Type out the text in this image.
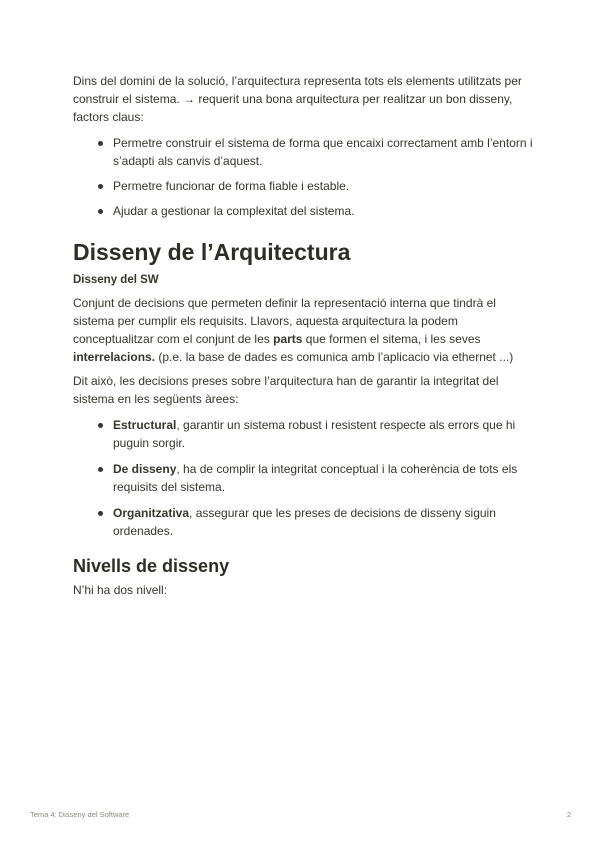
Dins del domini de la solució, l’arquitectura representa tots els elements utilitzats per construir el sistema. → requerit una bona arquitectura per realitzar un bon disseny, factors claus:

Permetre construir el sistema de forma que encaixi correctament amb l’entorn i s’adapti als canvis d’aquest.
Permetre funcionar de forma fiable i estable.
Ajudar a gestionar la complexitat del sistema.
Disseny de l’Arquitectura
Disseny del SW

Conjunt de decisions que permeten definir la representació interna que tindrà el sistema per cumplir els requisits. Llavors, aquesta arquitectura la podem conceptualitzar com el conjunt de les parts que formen el sitema, i les seves interrelacions. (p.e. la base de dades es comunica amb l’aplicacio via ethernet ...)

Dit això, les decisions preses sobre l’arquitectura han de garantir la integritat del sistema en les següents àrees:

Estructural, garantir un sistema robust i resistent respecte als errors que hi puguin sorgir.
De disseny, ha de complir la integritat conceptual i la coherència de tots els requisits del sistema.
Organitzativa, assegurar que les preses de decisions de disseny siguin ordenades.
Nivells de disseny

N’hi ha dos nivell:

Tema 4: Disseny del Software	2
